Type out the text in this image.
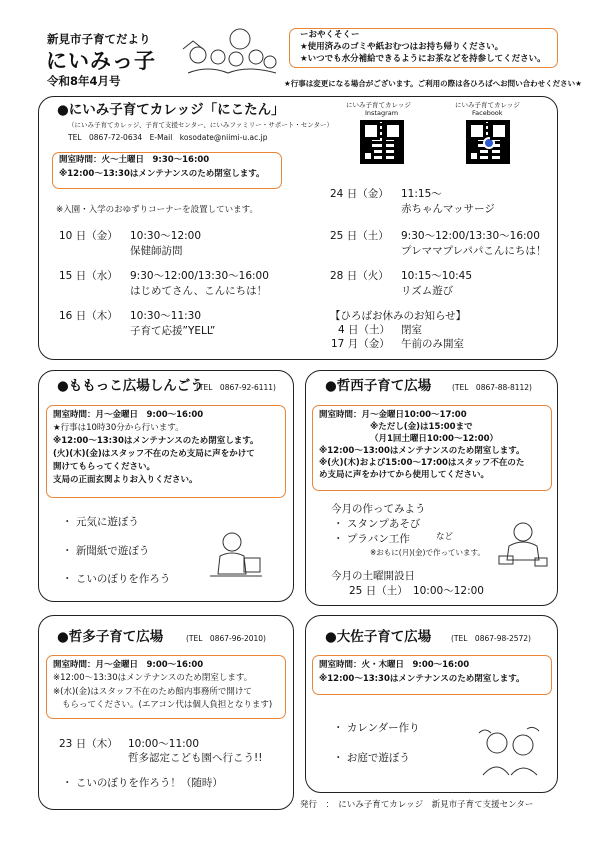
新見市子育てだより
にいみっ子
令和8年4月号
ーおやくそくー
★使用済みのゴミや紙おむつはお持ち帰りください。
★いつでも水分補給できるようにお茶などを持参してください。
★行事は変更になる場合がございます。ご利用の際は各ひろばへお問い合わせください★
●にいみ子育てカレッジ「にこたん」
（にいみ子育てカレッジ、子育て支援センター、にいみファミリー・サポート・センター）
TEL　0867-72-0634　E-Mail　kosodate@niimi-u.ac.jp
にいみ子育てカレッジ
Instagram
にいみ子育てカレッジ
Facebook
開室時間：火～土曜日　9:30～16:00
※12:00～13:30はメンテナンスのため閉室します。
※入園・入学のおゆずりコーナーを設置しています。
10 日（金） 10:30～12:00
保健師訪問
15 日（水） 9:30～12:00/13:30～16:00
はじめてさん、こんにちは！
16 日（木） 10:30～11:30
子育て応援”YELL”
24 日（金） 11:15～
赤ちゃんマッサージ
25 日（土） 9:30～12:00/13:30～16:00
プレママプレパパこんにちは！
28 日（火） 10:15～10:45
リズム遊び
【ひろばお休みのお知らせ】
4 日（土） 閉室
17 月（金） 午前のみ開室
●ももっこ広場しんごう
(TEL　0867-92-6111)
開室時間：月～金曜日　9:00～16:00
★行事は10時30分から行います。
※12:00～13:30はメンテナンスのため閉室します。
(火)(木)(金)はスタッフ不在のため支局に声をかけて
開けてもらってください。
支局の正面玄関よりお入りください。
・ 元気に遊ぼう
・ 新聞紙で遊ぼう
・ こいのぼりを作ろう
●哲西子育て広場	(TEL　0867-88-8112)
開室時間：月～金曜日10:00～17:00
※ただし(金)は15:00まで
（月1回土曜日10:00～12:00）
※12:00～13:00はメンテナンスのため閉室します。
※(火)(木)および15:00～17:00はスタッフ不在のた
め支局に声をかけてから使用してください。
今月の作ってみよう
・ スタンプあそび
・ プラバン工作	など
※おもに(月)(金)で作っています。
今月の土曜開設日
25 日（土）　10:00～12:00
●哲多子育て広場	(TEL　0867-96-2010)
開室時間：月～金曜日　9:00～16:00
※12:00～13:30はメンテナンスのため閉室します。
※(水)(金)はスタッフ不在のため館内事務所で開けて
もらってください。(エアコン代は個人負担となります)
23 日（木） 10:00～11:00
哲多認定こども園へ行こう!!
・ こいのぼりを作ろう！（随時）
●大佐子育て広場	(TEL　0867-98-2572)
開室時間：火・木曜日　9:00～16:00
※12:00～13:30はメンテナンスのため閉室します。
・ カレンダー作り
・ お庭で遊ぼう
発行　：　にいみ子育てカレッジ　新見市子育て支援センター
